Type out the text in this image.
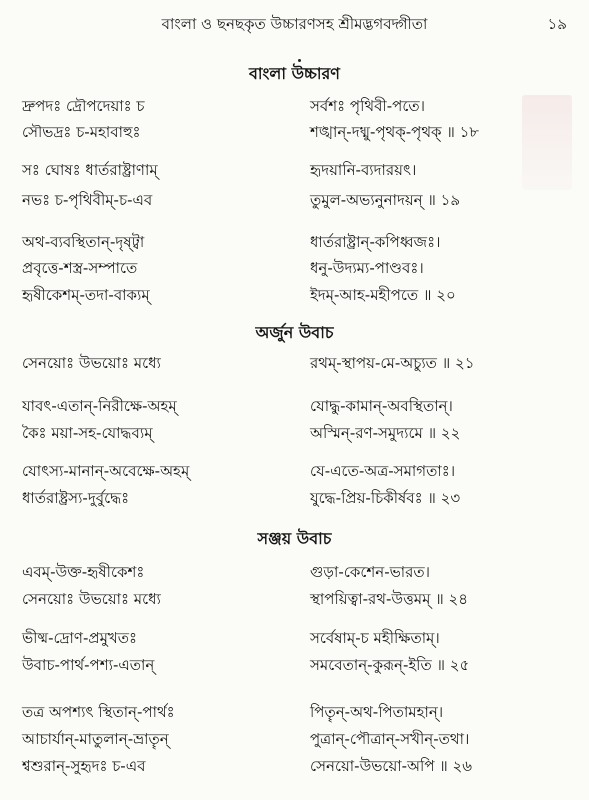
বাংলা ও ছনছকৃত উচ্চারণসহ শ্রীমদ্ভগবদ্গীতা	১৯
বাংলা উচ্চারণ
দ্রুপদঃ দ্রৌপদেয়াঃ চ	সর্বশঃ পৃথিবী-পতে।
সৌভদ্রঃ চ-মহাবাহুঃ	শঙ্খান্-দধ্মু-পৃথক্-পৃথক্ ॥ ১৮
সঃ ঘোষঃ ধার্তরাষ্ট্রাণাম্	হৃদয়ানি-ব্যদারয়ৎ।
নভঃ চ-পৃথিবীম্-চ-এব	তুমুল-অভ্যনুনাদয়ন্ ॥ ১৯
অথ-ব্যবস্থিতান্-দৃষ্ট্বা	ধার্তরাষ্ট্রান্-কপিধ্বজঃ।
প্রবৃত্তে-শস্ত্র-সম্পাতে	ধনু-উদ্যম্য-পাণ্ডবঃ।
হৃষীকেশম্-তদা-বাক্যম্	ইদম্-আহ-মহীপতে ॥ ২০
অর্জুন উবাচ
সেনয়োঃ উভয়োঃ মধ্যে	রথম্-স্থাপয়-মে-অচ্যুত ॥ ২১
যাবৎ-এতান্-নিরীক্ষে-অহম্	যোদ্ধু-কামান্-অবস্থিতান্।
কৈঃ ময়া-সহ-যোদ্ধব্যম্	অস্মিন্-রণ-সমুদ্যমে ॥ ২২
যোৎস্য-মানান্-অবেক্ষে-অহম্	যে-এতে-অত্র-সমাগতাঃ।
ধার্তরাষ্ট্রস্য-দুর্বুদ্ধেঃ	যুদ্ধে-প্রিয়-চিকীর্ষবঃ ॥ ২৩
সঞ্জয় উবাচ
এবম্-উক্ত-হৃষীকেশঃ	গুড়া-কেশেন-ভারত।
সেনয়োঃ উভয়োঃ মধ্যে	স্থাপয়িত্বা-রথ-উত্তমম্ ॥ ২৪
ভীষ্ম-দ্রোণ-প্রমুখতঃ	সর্বেষাম্-চ মহীক্ষিতাম্।
উবাচ-পার্থ-পশ্য-এতান্	সমবেতান্-কুরূন্-ইতি ॥ ২৫
তত্র অপশ্যৎ স্থিতান্-পার্থঃ	পিতৄন্-অথ-পিতামহান্।
আচার্যান্-মাতুলান্-ভ্রাতৄন্	পুত্রান্-পৌত্রান্-সখীন্-তথা।
শ্বশুরান্-সুহৃদঃ চ-এব	সেনয়ো-উভয়ো-অপি ॥ ২৬
